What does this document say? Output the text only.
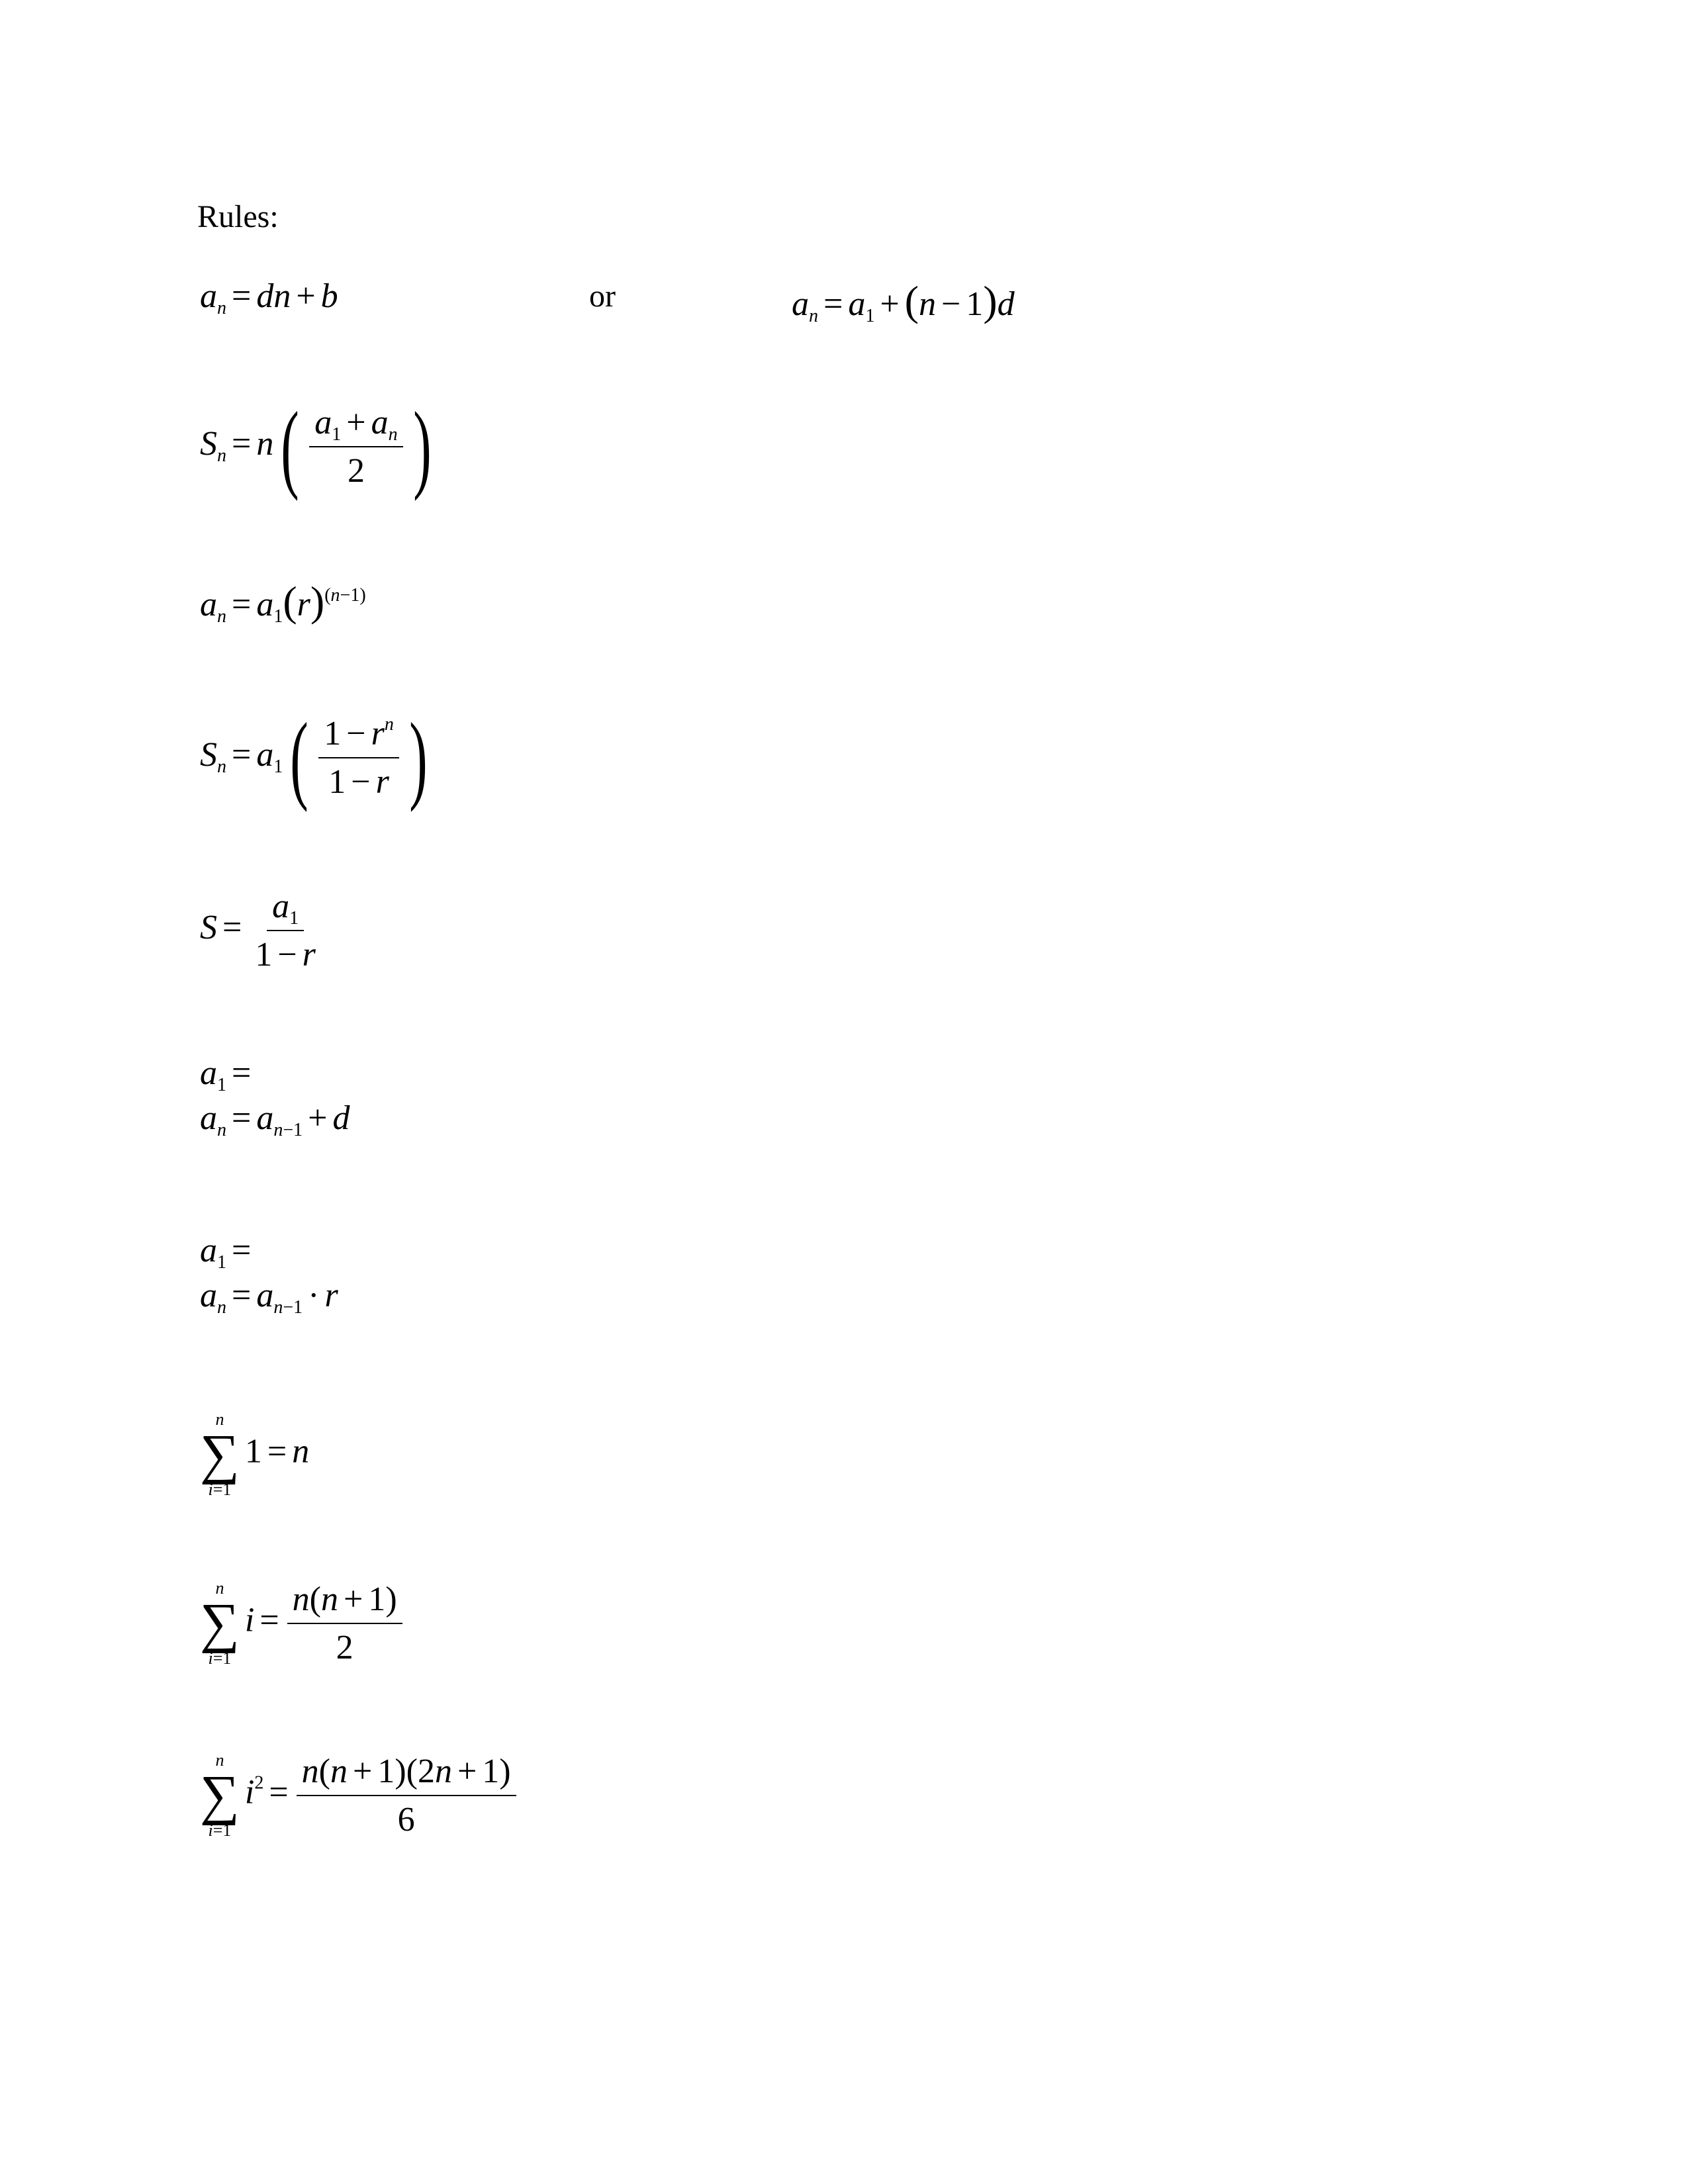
Rules:
$a_n$ = dn + b	or	$a_n = a_1 + (n - 1)d$
$S_n = n( \frac{a_1 + a_n}{2}$ )
$a_n = a_1(r)^{(n-1)}$
$S_n = a_1( \frac{1 - r^n}{1 - r}$ )
$S = \frac{a_1}{1 - r}$
$a_1$ =
$a_n = a_{n-1} + d$
$a_1$ =
$a_n = a_{n-1} \cdot r$
n
∑
i=1
1 = n
n
∑
i=1
$i = \frac{n(n + 1)}{2}$
n
∑
i=1
$i^2 = \frac{n(n + 1)(2n + 1)}{6}$
